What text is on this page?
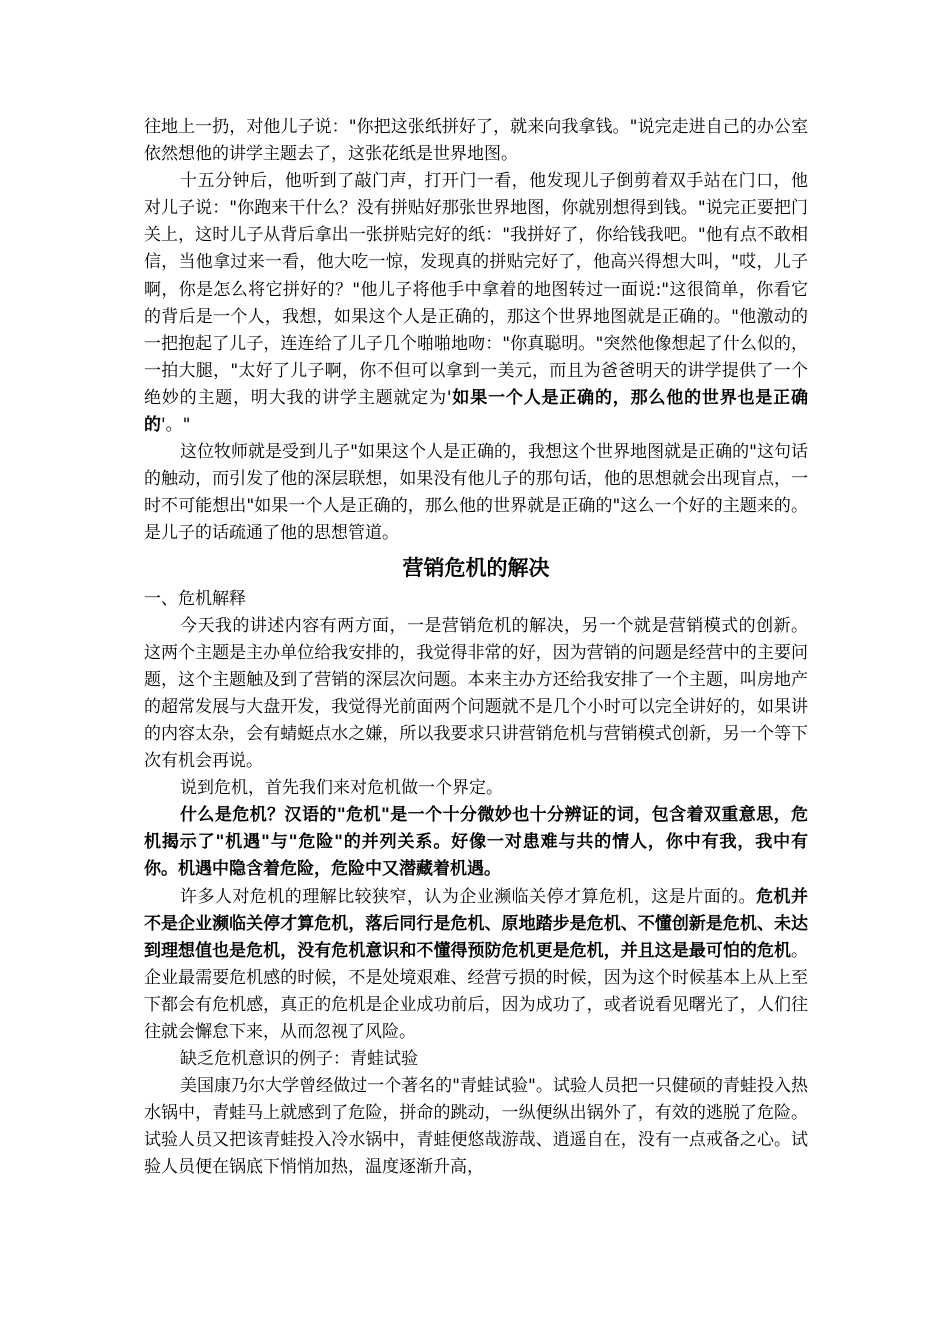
往地上一扔，对他儿子说："你把这张纸拼好了，就来向我拿钱。"说完走进自己的办公室依然想他的讲学主题去了，这张花纸是世界地图。

十五分钟后，他听到了敲门声，打开门一看，他发现儿子倒剪着双手站在门口，他对儿子说："你跑来干什么？没有拼贴好那张世界地图，你就别想得到钱。"说完正要把门关上，这时儿子从背后拿出一张拼贴完好的纸："我拼好了，你给钱我吧。"他有点不敢相信，当他拿过来一看，他大吃一惊，发现真的拼贴完好了，他高兴得想大叫，"哎，儿子啊，你是怎么将它拼好的？"他儿子将他手中拿着的地图转过一面说:"这很简单，你看它的背后是一个人，我想，如果这个人是正确的，那这个世界地图就是正确的。"他激动的一把抱起了儿子，连连给了儿子几个啪啪地吻："你真聪明。"突然他像想起了什么似的，一拍大腿，"太好了儿子啊，你不但可以拿到一美元，而且为爸爸明天的讲学提供了一个绝妙的主题，明大我的讲学主题就定为'如果一个人是正确的，那么他的世界也是正确的'。"

这位牧师就是受到儿子"如果这个人是正确的，我想这个世界地图就是正确的"这句话的触动，而引发了他的深层联想，如果没有他儿子的那句话，他的思想就会出现盲点，一时不可能想出"如果一个人是正确的，那么他的世界就是正确的"这么一个好的主题来的。是儿子的话疏通了他的思想管道。

营销危机的解决

一、危机解释

今天我的讲述内容有两方面，一是营销危机的解决，另一个就是营销模式的创新。这两个主题是主办单位给我安排的，我觉得非常的好，因为营销的问题是经营中的主要问题，这个主题触及到了营销的深层次问题。本来主办方还给我安排了一个主题，叫房地产的超常发展与大盘开发，我觉得光前面两个问题就不是几个小时可以完全讲好的，如果讲的内容太杂，会有蜻蜓点水之嫌，所以我要求只讲营销危机与营销模式创新，另一个等下次有机会再说。

说到危机，首先我们来对危机做一个界定。

什么是危机？汉语的"危机"是一个十分微妙也十分辨证的词，包含着双重意思，危机揭示了"机遇"与"危险"的并列关系。好像一对患难与共的情人，你中有我，我中有你。机遇中隐含着危险，危险中又潜藏着机遇。

许多人对危机的理解比较狭窄，认为企业濒临关停才算危机，这是片面的。危机并不是企业濒临关停才算危机，落后同行是危机、原地踏步是危机、不懂创新是危机、未达到理想值也是危机，没有危机意识和不懂得预防危机更是危机，并且这是最可怕的危机。企业最需要危机感的时候，不是处境艰难、经营亏损的时候，因为这个时候基本上从上至下都会有危机感，真正的危机是企业成功前后，因为成功了，或者说看见曙光了，人们往往就会懈怠下来，从而忽视了风险。

缺乏危机意识的例子：青蛙试验

美国康乃尔大学曾经做过一个著名的"青蛙试验"。试验人员把一只健硕的青蛙投入热水锅中，青蛙马上就感到了危险，拼命的跳动，一纵便纵出锅外了，有效的逃脱了危险。试验人员又把该青蛙投入冷水锅中，青蛙便悠哉游哉、逍遥自在，没有一点戒备之心。试验人员便在锅底下悄悄加热，温度逐渐升高，
